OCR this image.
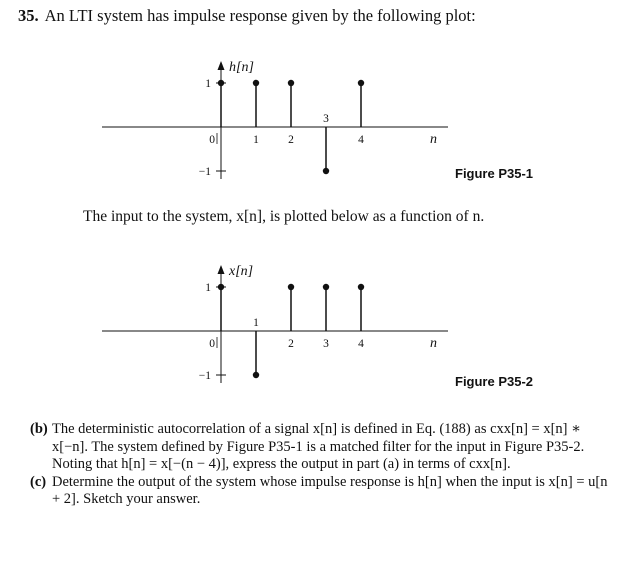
35. An LTI system has impulse response given by the following plot:
h[n]
1
−1
n
0	1	2
3
4
x[n]
1
−1
n
0
1
2	3	4
Figure P35-1
The input to the system, x[n], is plotted below as a function of n.
Figure P35-2
(b) The deterministic autocorrelation of a signal x[n] is defined in Eq. (188) as cxx[n] = x[n] ∗ x[−n]. The system defined by Figure P35-1 is a matched filter for the input in Figure P35-2. Noting that h[n] = x[−(n − 4)], express the output in part (a) in terms of cxx[n].
(c) Determine the output of the system whose impulse response is h[n] when the input is x[n] = u[n + 2]. Sketch your answer.
